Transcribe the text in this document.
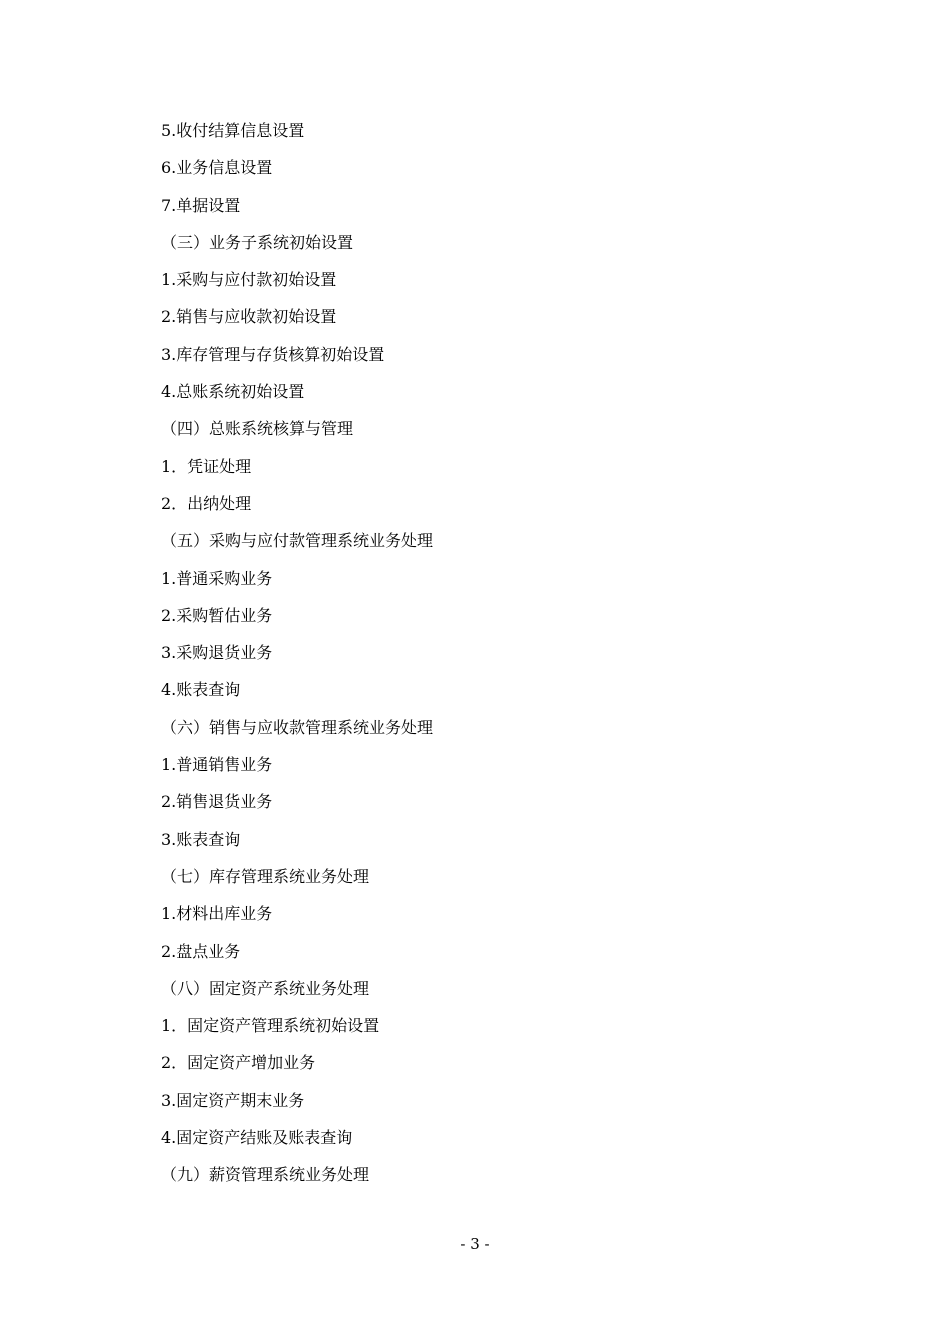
5.收付结算信息设置
6.业务信息设置
7.单据设置
（三）业务子系统初始设置
1.采购与应付款初始设置
2.销售与应收款初始设置
3.库存管理与存货核算初始设置
4.总账系统初始设置
（四）总账系统核算与管理
1．凭证处理
2．出纳处理
（五）采购与应付款管理系统业务处理
1.普通采购业务
2.采购暂估业务
3.采购退货业务
4.账表查询
（六）销售与应收款管理系统业务处理
1.普通销售业务
2.销售退货业务
3.账表查询
（七）库存管理系统业务处理
1.材料出库业务
2.盘点业务
（八）固定资产系统业务处理
1．固定资产管理系统初始设置
2．固定资产增加业务
3.固定资产期末业务
4.固定资产结账及账表查询
（九）薪资管理系统业务处理
- 3 -
